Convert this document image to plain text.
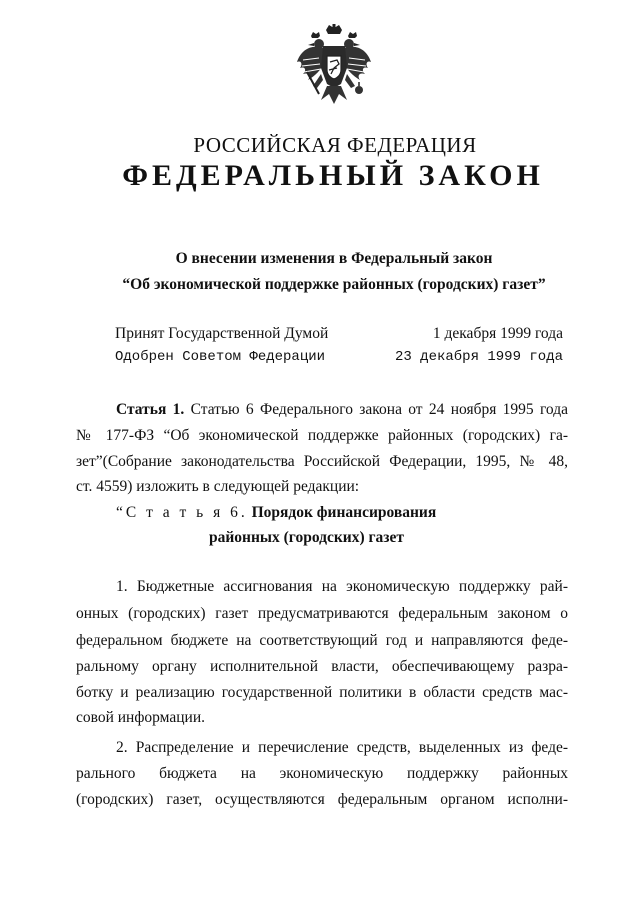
РОССИЙСКАЯ ФЕДЕРАЦИЯ
ФЕДЕРАЛЬНЫЙ ЗАКОН
О внесении изменения в Федеральный закон
“Об экономической поддержке районных (городских) газет”
Принят Государственной Думой	1 декабря 1999 года
Одобрен Советом Федерации	23 декабря 1999 года
Статья 1. Статью 6 Федерального закона от 24 ноября 1995 года
№ 177-ФЗ “Об экономической поддержке районных (городских) га-
зет”(Собрание законодательства Российской Федерации, 1995, № 48,
ст. 4559) изложить в следующей редакции:
“С т а т ь я 6. Порядок финансирования
районных (городских) газет
1. Бюджетные ассигнования на экономическую поддержку рай-
онных (городских) газет предусматриваются федеральным законом о
федеральном бюджете на соответствующий год и направляются феде-
ральному органу исполнительной власти, обеспечивающему разра-
ботку и реализацию государственной политики в области средств мас-
совой информации.
2. Распределение и перечисление средств, выделенных из феде-
рального бюджета на экономическую поддержку районных
(городских) газет, осуществляются федеральным органом исполни-
